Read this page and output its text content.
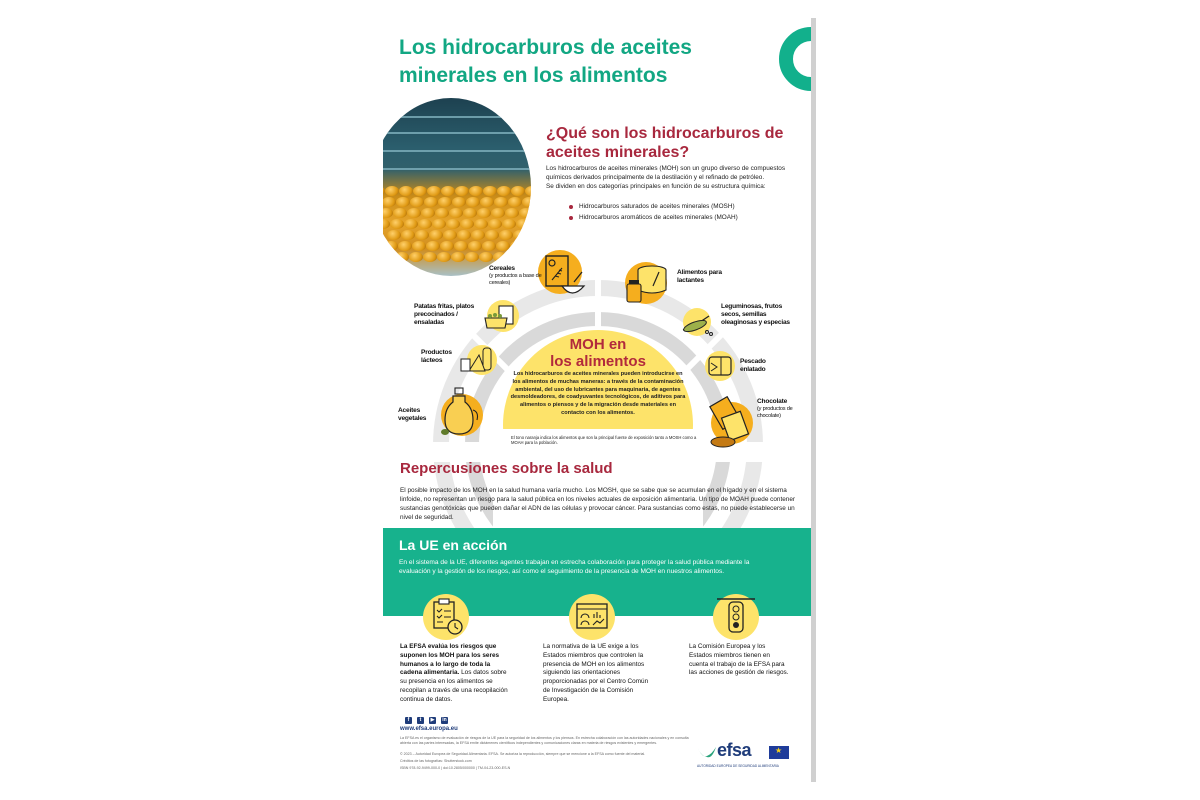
Los hidrocarburos de aceites minerales en los alimentos
¿Qué son los hidrocarburos de aceites minerales?
Los hidrocarburos de aceites minerales (MOH) son un grupo diverso de compuestos químicos derivados principalmente de la destilación y el refinado de petróleo.
Se dividen en dos categorías principales en función de su estructura química:
Hidrocarburos saturados de aceites minerales (MOSH)
Hidrocarburos aromáticos de aceites minerales (MOAH)
MOH en
los alimentos
Los hidrocarburos de aceites minerales pueden introducirse en los alimentos de muchas maneras: a través de la contaminación ambiental, del uso de lubricantes para maquinaria, de agentes desmoldeadores, de coadyuvantes tecnológicos, de aditivos para alimentos o piensos y de la migración desde materiales en contacto con los alimentos.
El tono naranja indica los alimentos que son la principal fuente de exposición tanto a MOSH como a MOAH para la población.
Cereales
(y productos a base de cereales)
Patatas fritas, platos precocinados / ensaladas
Productos lácteos
Aceites vegetales
Alimentos para lactantes
Leguminosas, frutos secos, semillas oleaginosas y especias
Pescado enlatado
Chocolate
(y productos de chocolate)
Repercusiones sobre la salud
El posible impacto de los MOH en la salud humana varía mucho. Los MOSH, que se sabe que se acumulan en el hígado y en el sistema linfoide, no representan un riesgo para la salud pública en los niveles actuales de exposición alimentaria. Un tipo de MOAH puede contener sustancias genotóxicas que pueden dañar el ADN de las células y provocar cáncer. Para sustancias como estas, no puede establecerse un nivel de seguridad.
La UE en acción
En el sistema de la UE, diferentes agentes trabajan en estrecha colaboración para proteger la salud pública mediante la evaluación y la gestión de los riesgos, así como el seguimiento de la presencia de MOH en nuestros alimentos.
La EFSA evalúa los riesgos que suponen los MOH para los seres humanos a lo largo de toda la cadena alimentaria. Los datos sobre su presencia en los alimentos se recopilan a través de una recopilación continua de datos.
La normativa de la UE exige a los Estados miembros que controlen la presencia de MOH en los alimentos siguiendo las orientaciones proporcionadas por el Centro Común de Investigación de la Comisión Europea.
La Comisión Europea y los Estados miembros tienen en cuenta el trabajo de la EFSA para las acciones de gestión de riesgos.
f	t	▶	in
www.efsa.europa.eu
La EFSA es el organismo de evaluación de riesgos de la UE para la seguridad de los alimentos y los piensos. En estrecha colaboración con las autoridades nacionales y en consulta abierta con las partes interesadas, la EFSA emite dictámenes científicos independientes y comunicaciones claras en materia de riesgos existentes y emergentes.
© 2023 – Autoridad Europea de Seguridad Alimentaria. EFSA. Se autoriza la reproducción, siempre que se mencione a la EFSA como fuente del material.
Créditos de las fotografías: Shutterstock.com
ISBN 978-92-9499-000-0 | doi:10.2805/000000 | TM-04-23-000-ES-N
efsa
★
AUTORIDAD EUROPEA DE SEGURIDAD ALIMENTARIA
